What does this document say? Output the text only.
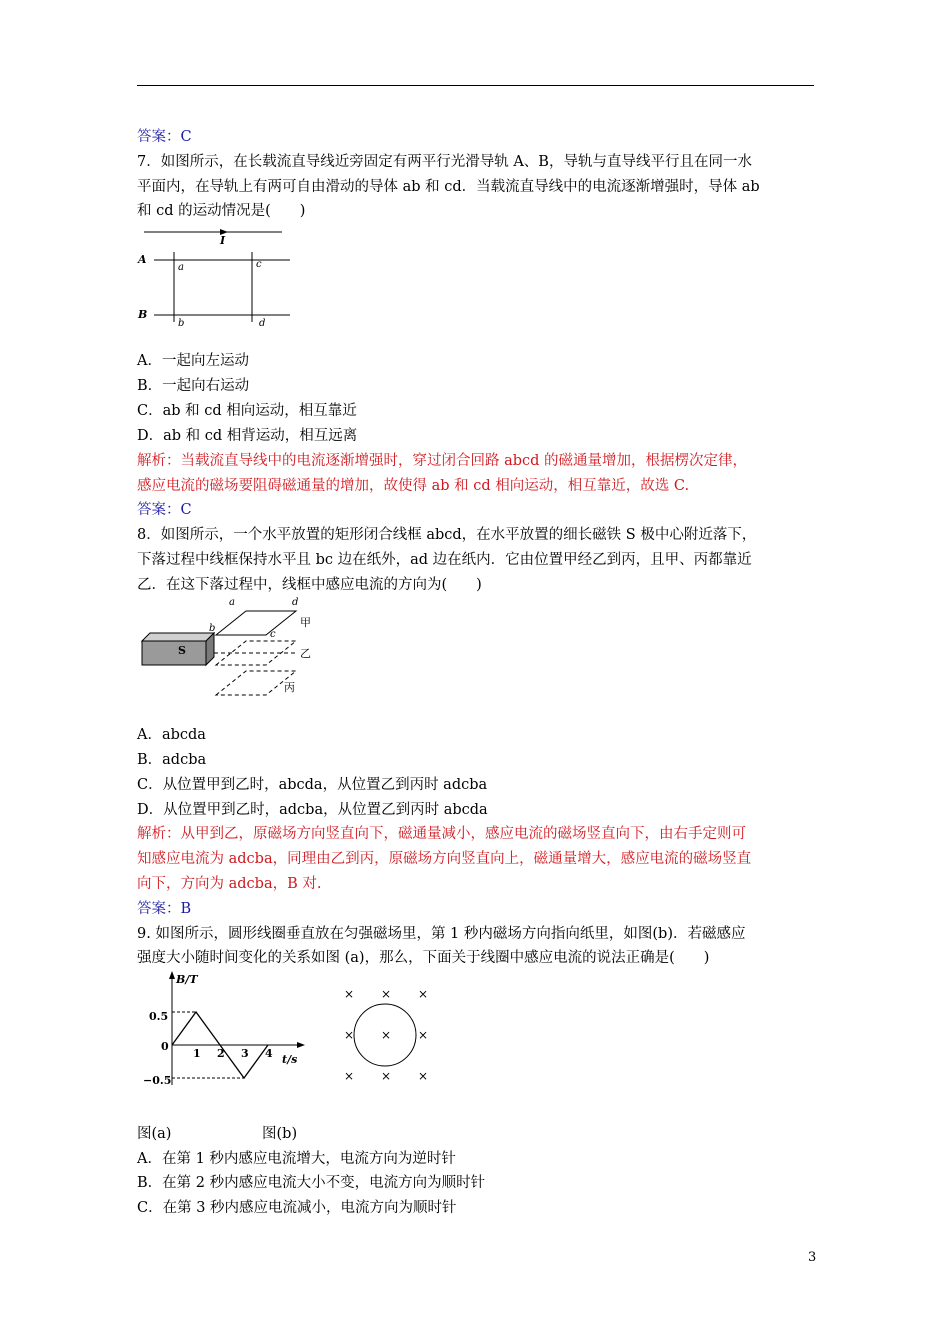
答案：C
7．如图所示，在长载流直导线近旁固定有两平行光滑导轨 A、B，导轨与直导线平行且在同一水
平面内，在导轨上有两可自由滑动的导体 ab 和 cd．当载流直导线中的电流逐渐增强时，导体 ab
和 cd 的运动情况是(　　)
I
A
B
a
b
c
d
A．一起向左运动
B．一起向右运动
C．ab 和 cd 相向运动，相互靠近
D．ab 和 cd 相背运动，相互远离
解析：当载流直导线中的电流逐渐增强时，穿过闭合回路 abcd 的磁通量增加，根据楞次定律，
感应电流的磁场要阻碍磁通量的增加，故使得 ab 和 cd 相向运动，相互靠近，故选 C.
答案：C
8．如图所示，一个水平放置的矩形闭合线框 abcd，在水平放置的细长磁铁 S 极中心附近落下，
下落过程中线框保持水平且 bc 边在纸外，ad 边在纸内．它由位置甲经乙到丙，且甲、丙都靠近
乙．在这下落过程中，线框中感应电流的方向为(　　)
S
a	d
b
c
甲
乙
丙
A．abcda
B．adcba
C．从位置甲到乙时，abcda，从位置乙到丙时 adcba
D．从位置甲到乙时，adcba，从位置乙到丙时 abcda
解析：从甲到乙，原磁场方向竖直向下，磁通量减小，感应电流的磁场竖直向下，由右手定则可
知感应电流为 adcba，同理由乙到丙，原磁场方向竖直向上，磁通量增大，感应电流的磁场竖直
向下，方向为 adcba，B 对.
答案：B
9. 如图所示，圆形线圈垂直放在匀强磁场里，第 1 秒内磁场方向指向纸里，如图(b)．若磁感应
强度大小随时间变化的关系如图 (a)，那么，下面关于线圈中感应电流的说法正确是(　　)
B/T
t/s
0.5
0
−0.5
1 2 3 4
× × ×
× × ×
× × ×
图(a)	图(b)
A．在第 1 秒内感应电流增大，电流方向为逆时针
B．在第 2 秒内感应电流大小不变，电流方向为顺时针
C．在第 3 秒内感应电流减小，电流方向为顺时针
3
